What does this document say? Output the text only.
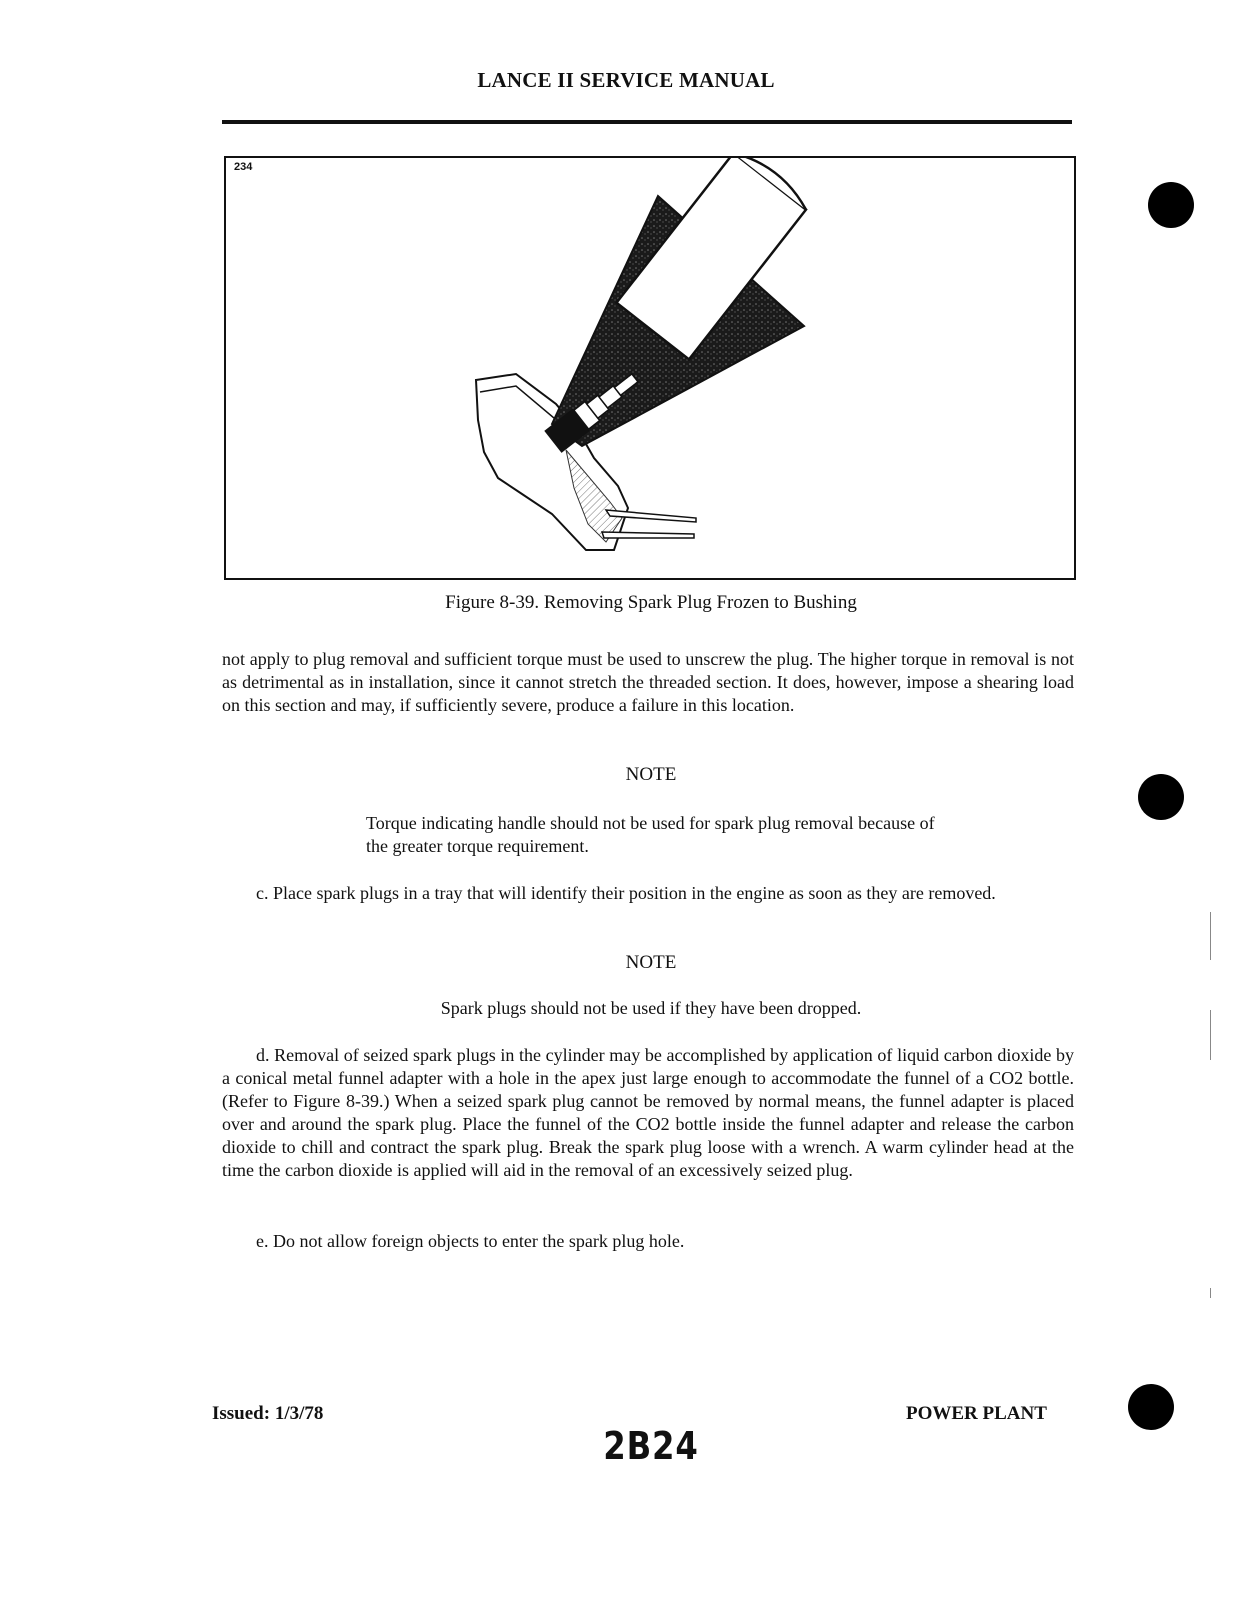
LANCE II SERVICE MANUAL
234
Figure 8-39. Removing Spark Plug Frozen to Bushing

not apply to plug removal and sufficient torque must be used to unscrew the plug. The higher torque in removal is not as detrimental as in installation, since it cannot stretch the threaded section. It does, however, impose a shearing load on this section and may, if sufficiently severe, produce a failure in this location.

NOTE
Torque indicating handle should not be used for spark plug removal because of the greater torque requirement.

c. Place spark plugs in a tray that will identify their position in the engine as soon as they are removed.

NOTE
Spark plugs should not be used if they have been dropped.

d. Removal of seized spark plugs in the cylinder may be accomplished by application of liquid carbon dioxide by a conical metal funnel adapter with a hole in the apex just large enough to accommodate the funnel of a CO2 bottle. (Refer to Figure 8-39.) When a seized spark plug cannot be removed by normal means, the funnel adapter is placed over and around the spark plug. Place the funnel of the CO2 bottle inside the funnel adapter and release the carbon dioxide to chill and contract the spark plug. Break the spark plug loose with a wrench. A warm cylinder head at the time the carbon dioxide is applied will aid in the removal of an excessively seized plug.

e. Do not allow foreign objects to enter the spark plug hole.

Issued: 1/3/78	POWER PLANT
2B24
